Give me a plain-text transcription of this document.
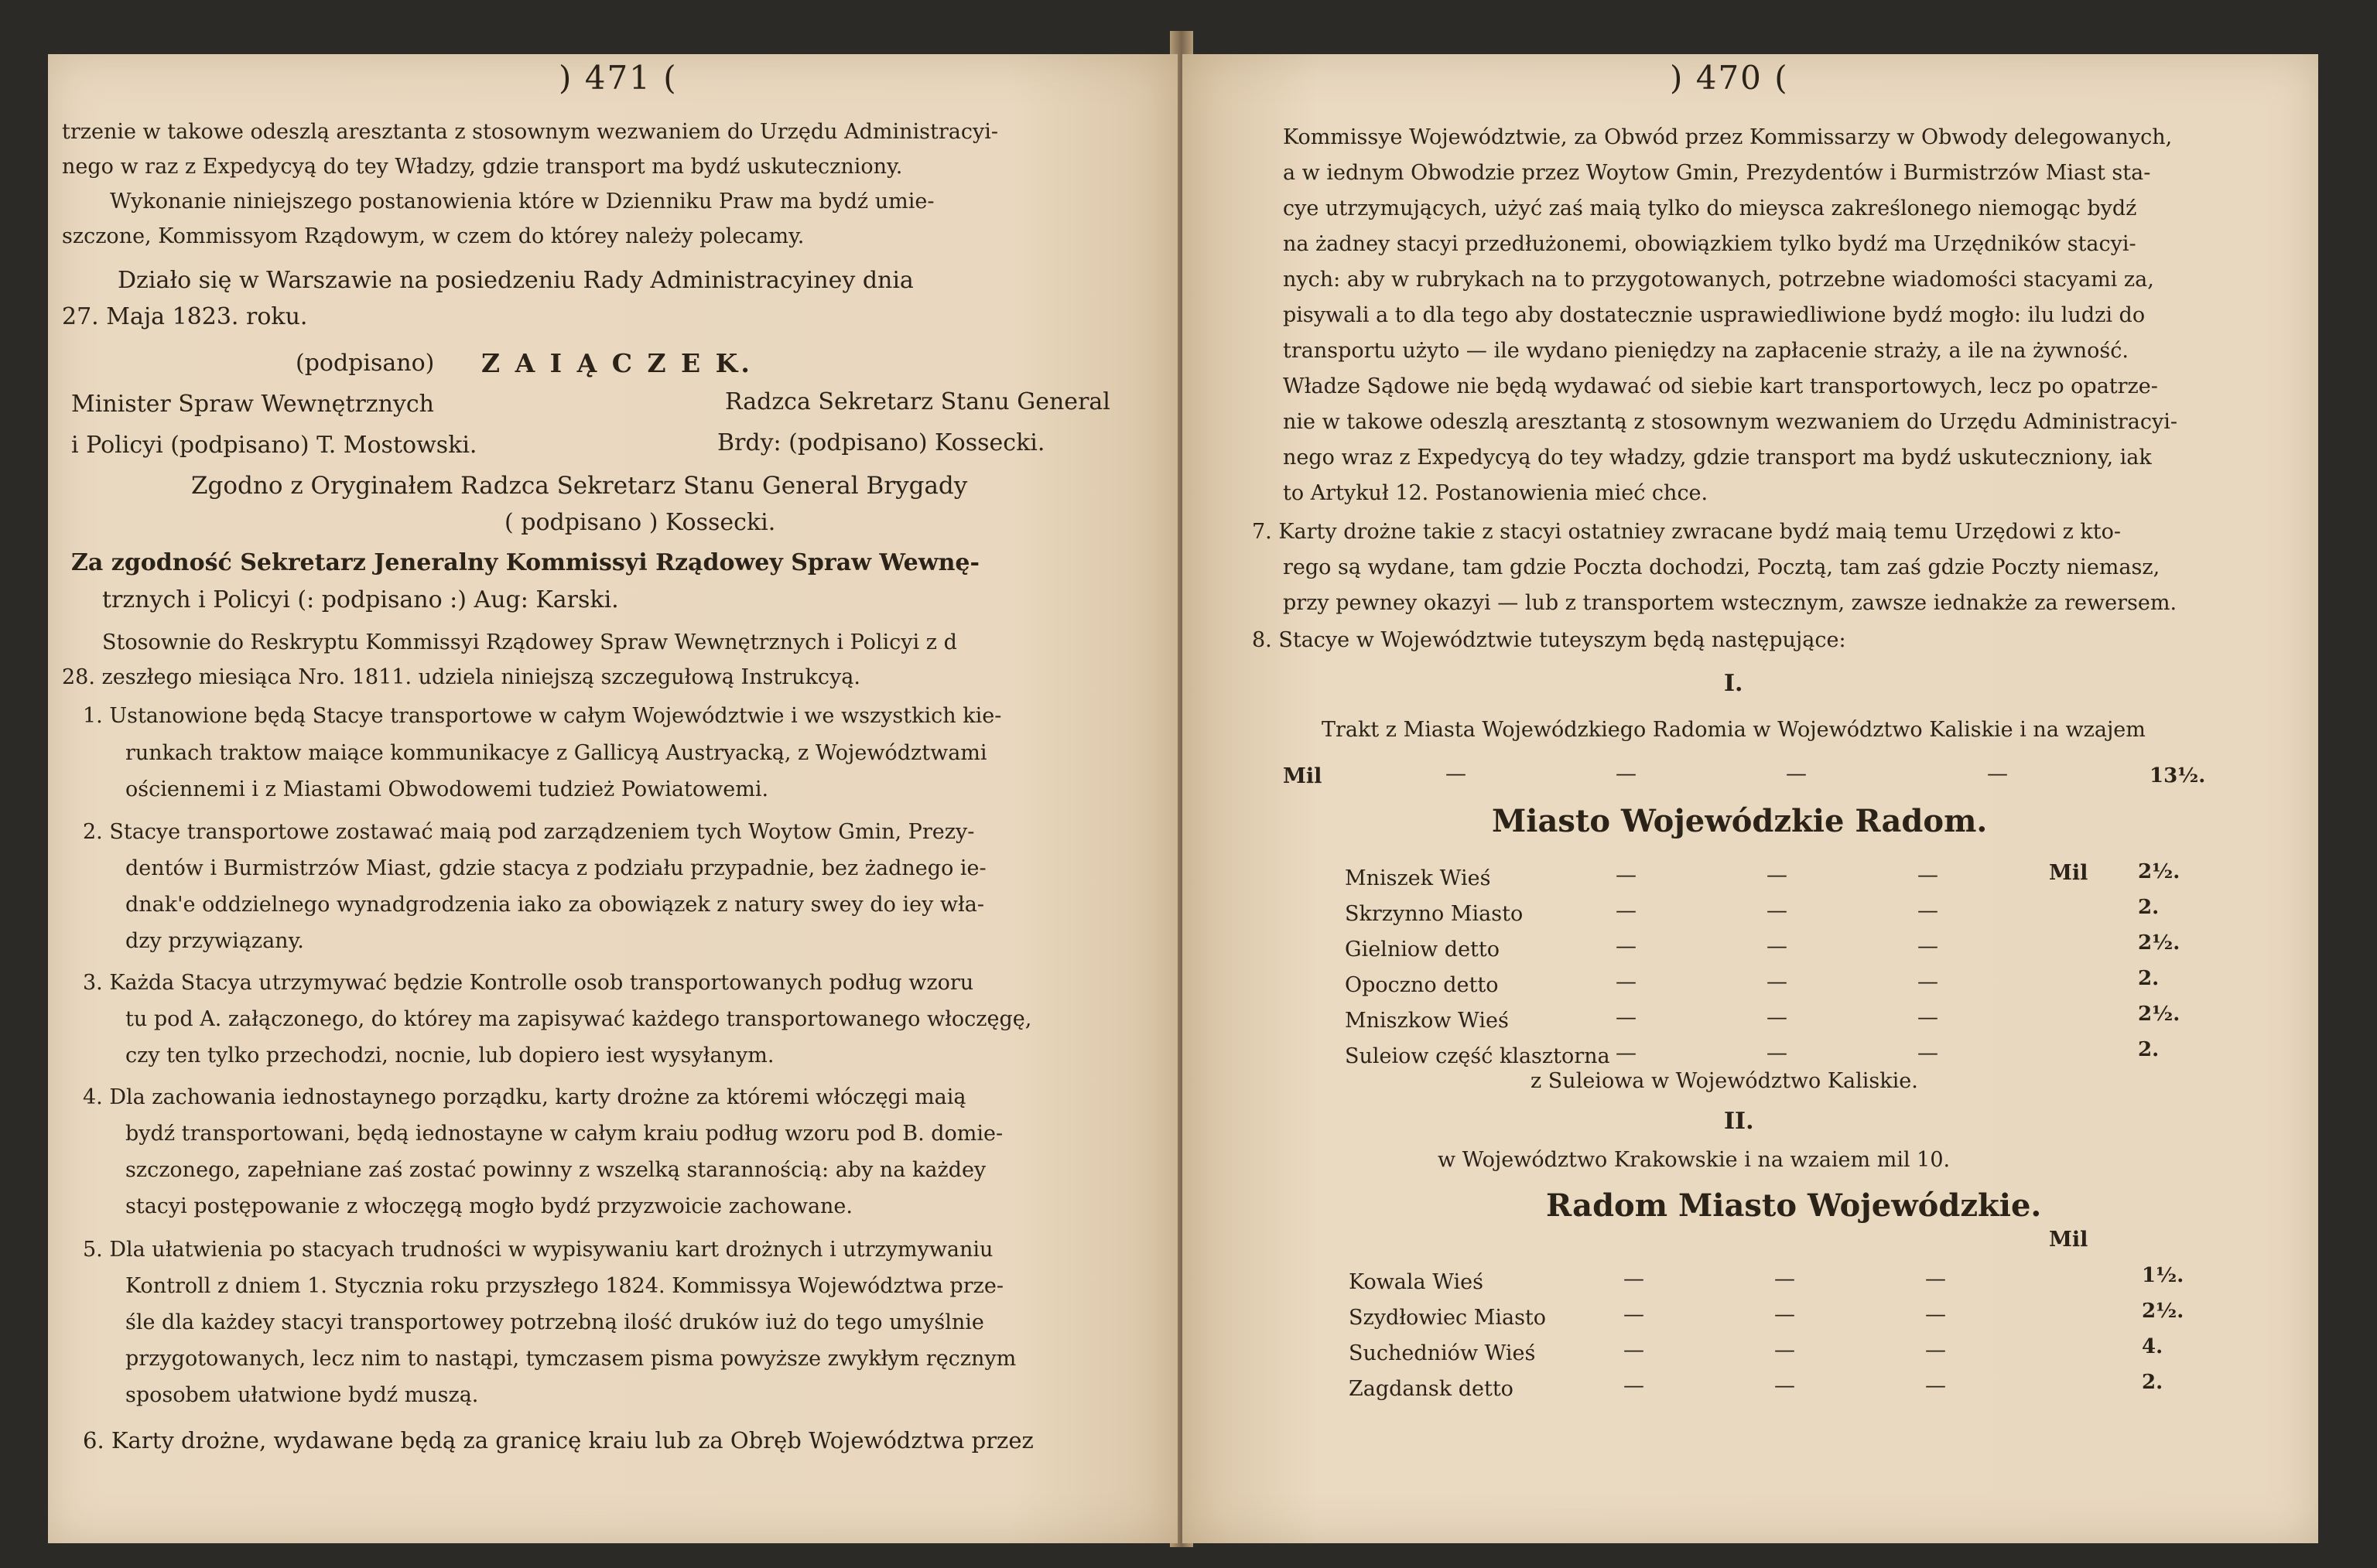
) 471 (
trzenie w takowe odeszlą aresztanta z stosownym wezwaniem do Urzędu Administracyi-
nego w raz z Expedycyą do tey Władzy, gdzie transport ma bydź uskuteczniony.
Wykonanie niniejszego postanowienia które w Dzienniku Praw ma bydź umie-
szczone, Kommissyom Rządowym, w czem do którey należy polecamy.
Działo się w Warszawie na posiedzeniu Rady Administracyiney dnia
27. Maja 1823. roku.
(podpisano) Z A I Ą C Z E K.
Minister Spraw Wewnętrznych	Radzca Sekretarz Stanu General
i Policyi (podpisano) T. Mostowski.	Brdy: (podpisano) Kossecki.
Zgodno z Oryginałem Radzca Sekretarz Stanu General Brygady
( podpisano ) Kossecki.
Za zgodność Sekretarz Jeneralny Kommissyi Rządowey Spraw Wewnę-
trznych i Policyi (: podpisano :) Aug: Karski.
Stosownie do Reskryptu Kommissyi Rządowey Spraw Wewnętrznych i Policyi z d
28. zeszłego miesiąca Nro. 1811. udziela niniejszą szczegułową Instrukcyą.
1. Ustanowione będą Stacye transportowe w całym Województwie i we wszystkich kie-
runkach traktow maiące kommunikacye z Gallicyą Austryacką, z Województwami
ościennemi i z Miastami Obwodowemi tudzież Powiatowemi.
2. Stacye transportowe zostawać maią pod zarządzeniem tych Woytow Gmin, Prezy-
dentów i Burmistrzów Miast, gdzie stacya z podziału przypadnie, bez żadnego ie-
dnak'e oddzielnego wynadgrodzenia iako za obowiązek z natury swey do iey wła-
dzy przywiązany.
3. Każda Stacya utrzymywać będzie Kontrolle osob transportowanych podług wzoru
tu pod A. załączonego, do którey ma zapisywać każdego transportowanego włoczęgę,
czy ten tylko przechodzi, nocnie, lub dopiero iest wysyłanym.
4. Dla zachowania iednostaynego porządku, karty drożne za któremi włóczęgi maią
bydź transportowani, będą iednostayne w całym kraiu podług wzoru pod B. domie-
szczonego, zapełniane zaś zostać powinny z wszelką starannością: aby na każdey
stacyi postępowanie z włoczęgą mogło bydź przyzwoicie zachowane.
5. Dla ułatwienia po stacyach trudności w wypisywaniu kart drożnych i utrzymywaniu
Kontroll z dniem 1. Stycznia roku przyszłego 1824. Kommissya Województwa prze-
śle dla każdey stacyi transportowey potrzebną ilość druków iuż do tego umyślnie
przygotowanych, lecz nim to nastąpi, tymczasem pisma powyższe zwykłym ręcznym
sposobem ułatwione bydź muszą.
6. Karty drożne, wydawane będą za granicę kraiu lub za Obręb Województwa przez
) 470 (
Kommissye Województwie, za Obwód przez Kommissarzy w Obwody delegowanych,
a w iednym Obwodzie przez Woytow Gmin, Prezydentów i Burmistrzów Miast sta-
cye utrzymujących, użyć zaś maią tylko do mieysca zakreślonego niemogąc bydź
na żadney stacyi przedłużonemi, obowiązkiem tylko bydź ma Urzędników stacyi-
nych: aby w rubrykach na to przygotowanych, potrzebne wiadomości stacyami za,
pisywali a to dla tego aby dostatecznie usprawiedliwione bydź mogło: ilu ludzi do
transportu użyto — ile wydano pieniędzy na zapłacenie straży, a ile na żywność.
Władze Sądowe nie będą wydawać od siebie kart transportowych, lecz po opatrze-
nie w takowe odeszlą aresztantą z stosownym wezwaniem do Urzędu Administracyi-
nego wraz z Expedycyą do tey władzy, gdzie transport ma bydź uskuteczniony, iak
to Artykuł 12. Postanowienia mieć chce.
7. Karty drożne takie z stacyi ostatniey zwracane bydź maią temu Urzędowi z kto-
rego są wydane, tam gdzie Poczta dochodzi, Pocztą, tam zaś gdzie Poczty niemasz,
przy pewney okazyi — lub z transportem wstecznym, zawsze iednakże za rewersem.
8. Stacye w Województwie tuteyszym będą następujące:
I.
Trakt z Miasta Wojewódzkiego Radomia w Województwo Kaliskie i na wzajem
Mil	—	—	—	—	13½.
Miasto Wojewódzkie Radom.
Mil
Mniszek Wieś	—	—	—	2½.
Skrzynno Miasto	—	—	—	2.
Gielniow detto	—	—	—	2½.
Opoczno detto	—	—	—	2.
Mniszkow Wieś	—	—	—	2½.
Suleiow część klasztorna —	—	—	2.
z Suleiowa w Województwo Kaliskie.
II.
w Województwo Krakowskie i na wzaiem mil 10.
Radom Miasto Wojewódzkie.
Mil
Kowala Wieś	—	—	—	1½.
Szydłowiec Miasto	—	—	—	2½.
Suchedniów Wieś	—	—	—	4.
Zagdansk detto	—	—	—	2.
